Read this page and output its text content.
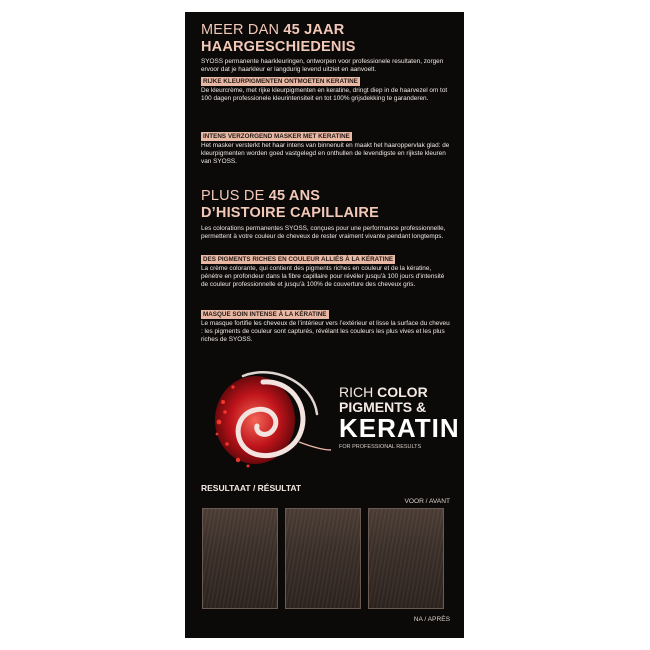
MEER DAN 45 JAAR
HAARGESCHIEDENIS
SYOSS permanente haarkleuringen, ontworpen voor professionele resultaten, zorgen ervoor dat je haarkleur er langdurig levend uitziet en aanvoelt.
RIJKE KLEURPIGMENTEN ONTMOETEN KERATINE
De kleurcrème, met rijke kleurpigmenten en keratine, dringt diep in de haarvezel om tot 100 dagen professionele kleurintensiteit en tot 100% grijsdekking te garanderen.
INTENS VERZORGEND MASKER MET KERATINE
Het masker versterkt het haar intens van binnenuit en maakt het haaroppervlak glad: de kleurpigmenten worden goed vastgelegd en onthullen de levendigste en rijkste kleuren van SYOSS.
PLUS DE 45 ANS
D’HISTOIRE CAPILLAIRE
Les colorations permanentes SYOSS, conçues pour une performance professionnelle, permettent à votre couleur de cheveux de rester vraiment vivante pendant longtemps.
DES PIGMENTS RICHES EN COULEUR ALLIÉS À LA KÉRATINE
La crème colorante, qui contient des pigments riches en couleur et de la kératine, pénètre en profondeur dans la fibre capillaire pour révéler jusqu’à 100 jours d’intensité de couleur professionnelle et jusqu’à 100% de couverture des cheveux gris.
MASQUE SOIN INTENSE À LA KÉRATINE
Le masque fortifie les cheveux de l’intérieur vers l’extérieur et lisse la surface du cheveu : les pigments de couleur sont capturés, révélant les couleurs les plus vives et les plus riches de SYOSS.
RICH COLOR
PIGMENTS &
KERATIN
FOR PROFESSIONAL RESULTS
RESULTAAT / RÉSULTAT
VOOR / AVANT
NA / APRÈS
